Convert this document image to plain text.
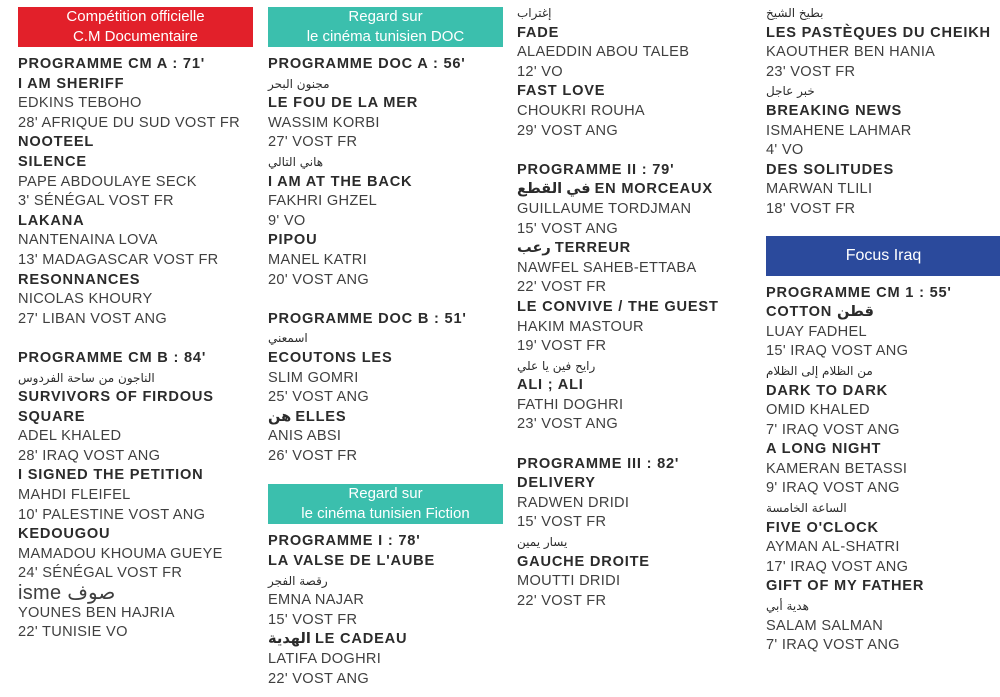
Compétition officielle
C.M Documentaire
PROGRAMME CM A : 71'
I AM SHERIFF
EDKINS TEBOHO
28' AFRIQUE DU SUD VOST FR
NOOTEEL
SILENCE
PAPE ABDOULAYE SECK
3' SÉNÉGAL VOST FR
LAKANA
NANTENAINA LOVA
13' MADAGASCAR VOST FR
RESONNANCES
NICOLAS KHOURY
27' LIBAN VOST ANG
PROGRAMME CM B : 84'
الناجون من ساحة الفردوس
SURVIVORS OF FIRDOUS
SQUARE
ADEL KHALED
28' IRAQ VOST ANG
I SIGNED THE PETITION
MAHDI FLEIFEL
10' PALESTINE VOST ANG
KEDOUGOU
MAMADOU KHOUMA GUEYE
24' SÉNÉGAL VOST FR
isme صوف
YOUNES BEN HAJRIA
22' TUNISIE VO
Regard sur
le cinéma tunisien DOC
PROGRAMME DOC A : 56'
مجنون البحر
LE FOU DE LA MER
WASSIM KORBI
27' VOST FR
هاني التالي
I AM AT THE BACK
FAKHRI GHZEL
9' VO
PIPOU
MANEL KATRI
20' VOST ANG
PROGRAMME DOC B : 51'
اسمعني
ECOUTONS LES
SLIM GOMRI
25' VOST ANG
هن ELLES
ANIS ABSI
26' VOST FR
Regard sur
le cinéma tunisien Fiction
PROGRAMME I : 78'
LA VALSE DE L'AUBE
رقصة الفجر
EMNA NAJAR
15' VOST FR
الهدية LE CADEAU
LATIFA DOGHRI
22' VOST ANG
إغتراب
FADE
ALAEDDIN ABOU TALEB
12' VO
FAST LOVE
CHOUKRI ROUHA
29' VOST ANG
PROGRAMME II : 79'
في القطع EN MORCEAUX
GUILLAUME TORDJMAN
15' VOST ANG
رعب TERREUR
NAWFEL SAHEB-ETTABA
22' VOST FR
LE CONVIVE / THE GUEST
HAKIM MASTOUR
19' VOST FR
رايح فين يا علي
ALI ; ALI
FATHI DOGHRI
23' VOST ANG
PROGRAMME III : 82'
DELIVERY
RADWEN DRIDI
15' VOST FR
يسار يمين
GAUCHE DROITE
MOUTTI DRIDI
22' VOST FR
بطيخ الشيخ
LES PASTÈQUES DU CHEIKH
KAOUTHER BEN HANIA
23' VOST FR
خبر عاجل
BREAKING NEWS
ISMAHENE LAHMAR
4' VO
DES SOLITUDES
MARWAN TLILI
18' VOST FR
Focus Iraq
PROGRAMME CM 1 : 55'
COTTON قطن
LUAY FADHEL
15' IRAQ VOST ANG
من الظلام إلى الظلام
DARK TO DARK
OMID KHALED
7' IRAQ VOST ANG
A LONG NIGHT
KAMERAN BETASSI
9' IRAQ VOST ANG
الساعة الخامسة
FIVE O'CLOCK
AYMAN AL-SHATRI
17' IRAQ VOST ANG
GIFT OF MY FATHER
هدية أبي
SALAM SALMAN
7' IRAQ VOST ANG
